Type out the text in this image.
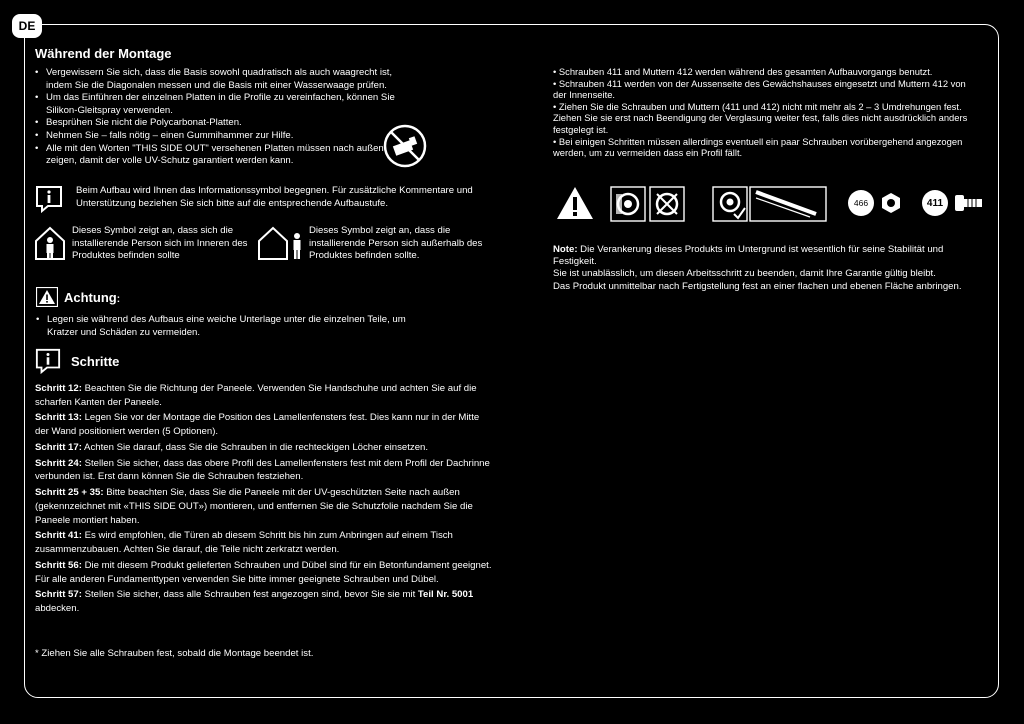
DE
Während der Montage
• Vergewissern Sie sich, dass die Basis sowohl quadratisch als auch waagrecht ist, indem Sie die Diagonalen messen und die Basis mit einer Wasserwaage prüfen.
• Um das Einführen der einzelnen Platten in die Profile zu vereinfachen, können Sie Silikon-Gleitspray verwenden.
• Besprühen Sie nicht die Polycarbonat-Platten.
• Nehmen Sie – falls nötig – einen Gummihammer zur Hilfe.
• Alle mit den Worten "THIS SIDE OUT" versehenen Platten müssen nach außen zeigen, damit der volle UV-Schutz garantiert werden kann.
Beim Aufbau wird Ihnen das Informationssymbol begegnen. Für zusätzliche Kommentare und Unterstützung beziehen Sie sich bitte auf die entsprechende Aufbaustufe.
Dieses Symbol zeigt an, dass sich die installierende Person sich im Inneren des Produktes befinden sollte
Dieses Symbol zeigt an, dass die installierende Person sich außerhalb des Produktes befinden sollte.
Achtung:
• Legen sie während des Aufbaus eine weiche Unterlage unter die einzelnen Teile, um Kratzer und Schäden zu vermeiden.
Schritte

Schritt 12: Beachten Sie die Richtung der Paneele. Verwenden Sie Handschuhe und achten Sie auf die scharfen Kanten der Paneele.

Schritt 13: Legen Sie vor der Montage die Position des Lamellenfensters fest. Dies kann nur in der Mitte der Wand positioniert werden (5 Optionen).

Schritt 17: Achten Sie darauf, dass Sie die Schrauben in die rechteckigen Löcher einsetzen.

Schritt 24: Stellen Sie sicher, dass das obere Profil des Lamellenfensters fest mit dem Profil der Dachrinne verbunden ist. Erst dann können Sie die Schrauben festziehen.

Schritt 25 + 35: Bitte beachten Sie, dass Sie die Paneele mit der UV-geschützten Seite nach außen (gekennzeichnet mit «THIS SIDE OUT») montieren, und entfernen Sie die Schutzfolie nachdem Sie die Paneele montiert haben.

Schritt 41: Es wird empfohlen, die Türen ab diesem Schritt bis hin zum Anbringen auf einem Tisch zusammenzubauen. Achten Sie darauf, die Teile nicht zerkratzt werden.

Schritt 56: Die mit diesem Produkt gelieferten Schrauben und Dübel sind für ein Betonfundament geeignet. Für alle anderen Fundamenttypen verwenden Sie bitte immer geeignete Schrauben und Dübel.

Schritt 57: Stellen Sie sicher, dass alle Schrauben fest angezogen sind, bevor Sie sie mit Teil Nr. 5001 abdecken.

* Ziehen Sie alle Schrauben fest, sobald die Montage beendet ist.
• Schrauben 411 and Muttern 412 werden während des gesamten Aufbauvorgangs benutzt.
• Schrauben 411 werden von der Aussenseite des Gewächshauses eingesetzt und Muttern 412 von der Innenseite.
• Ziehen Sie die Schrauben und Muttern (411 und 412) nicht mit mehr als 2 – 3 Umdrehungen fest. Ziehen Sie sie erst nach Beendigung der Verglasung weiter fest, falls dies nicht ausdrücklich anders festgelegt ist.
• Bei einigen Schritten müssen allerdings eventuell ein paar Schrauben vorübergehend angezogen werden, um zu vermeiden dass ein Profil fällt.
466	411
Note: Die Verankerung dieses Produkts im Untergrund ist wesentlich für seine Stabilität und Festigkeit.
Sie ist unablässlich, um diesen Arbeitsschritt zu beenden, damit Ihre Garantie gültig bleibt.
Das Produkt unmittelbar nach Fertigstellung fest an einer flachen und ebenen Fläche anbringen.
